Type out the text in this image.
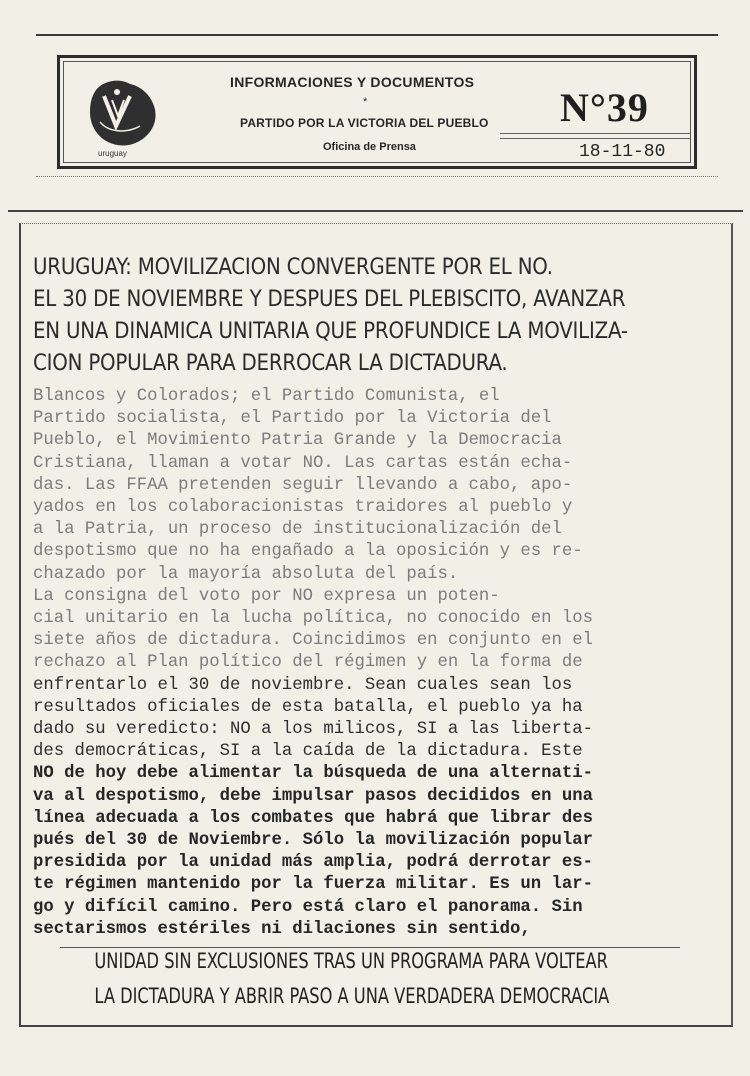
uruguay
INFORMACIONES Y DOCUMENTOS
*
PARTIDO POR LA VICTORIA DEL PUEBLO
Oficina de Prensa
N°39
18-11-80
URUGUAY: MOVILIZACION CONVERGENTE POR EL NO.
EL 30 DE NOVIEMBRE Y DESPUES DEL PLEBISCITO, AVANZAR
EN UNA DINAMICA UNITARIA QUE PROFUNDICE LA MOVILIZA-
CION POPULAR PARA DERROCAR LA DICTADURA.
Blancos y Colorados; el Partido Comunista, el
Partido socialista, el Partido por la Victoria del
Pueblo, el Movimiento Patria Grande y la Democracia
Cristiana, llaman a votar NO. Las cartas están echa-
das. Las FFAA pretenden seguir llevando a cabo, apo-
yados en los colaboracionistas traidores al pueblo y
a la Patria, un proceso de institucionalización del
despotismo que no ha engañado a la oposición y es re-
chazado por la mayoría absoluta del país.
La consigna del voto por NO expresa un poten-
cial unitario en la lucha política, no conocido en los
siete años de dictadura. Coincidimos en conjunto en el
rechazo al Plan político del régimen y en la forma de
enfrentarlo el 30 de noviembre. Sean cuales sean los
resultados oficiales de esta batalla, el pueblo ya ha
dado su veredicto: NO a los milicos, SI a las liberta-
des democráticas, SI a la caída de la dictadura. Este
NO de hoy debe alimentar la búsqueda de una alternati-
va al despotismo, debe impulsar pasos decididos en una
línea adecuada a los combates que habrá que librar des
pués del 30 de Noviembre. Sólo la movilización popular
presidida por la unidad más amplia, podrá derrotar es-
te régimen mantenido por la fuerza militar. Es un lar-
go y difícil camino. Pero está claro el panorama. Sin
sectarismos estériles ni dilaciones sin sentido,
UNIDAD SIN EXCLUSIONES TRAS UN PROGRAMA PARA VOLTEAR
LA DICTADURA Y ABRIR PASO A UNA VERDADERA DEMOCRACIA
